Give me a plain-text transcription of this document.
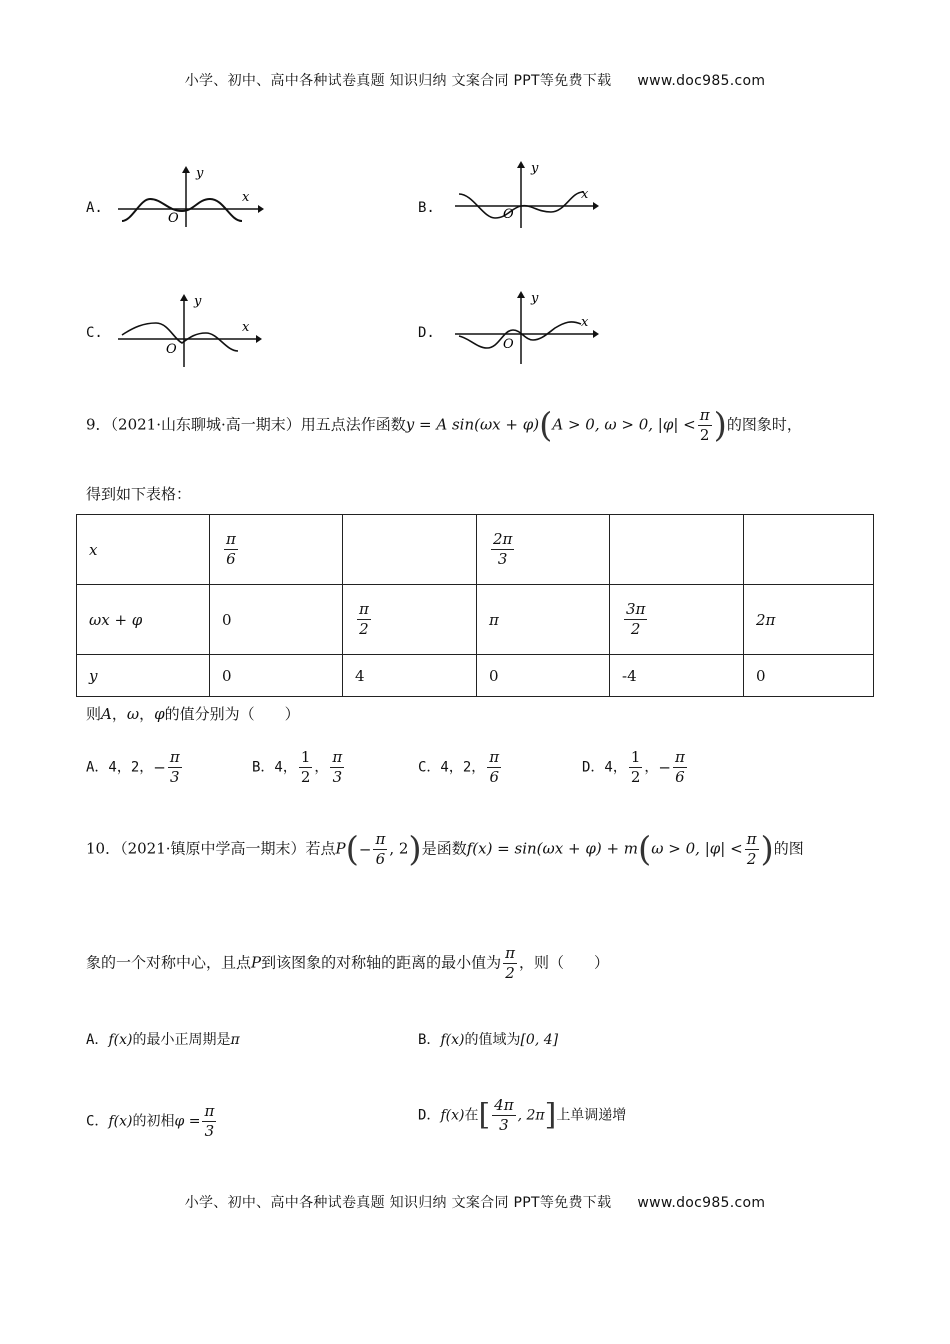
小学、初中、高中各种试卷真题 知识归纳 文案合同 PPT等免费下载 www.doc985.com
小学、初中、高中各种试卷真题 知识归纳 文案合同 PPT等免费下载 www.doc985.com
A.
y
x
O
B.
y
x
O
C.
y
x
O
D.
y
x
O
9．（2021·山东聊城·高一期末）用五点法作函数y = A sin(ωx + φ)(A > 0, ω > 0, $|\varphi| < \frac{\pi}{2}$ )的图象时，
得到如下表格：
x	$\frac{\pi}{6}$		$\frac{2\pi}{3}$

ωx + φ	0	$\frac{\pi}{2}$	π	$\frac{3\pi}{2}$	2π
y	0	4	0	-4	0
则A，ω，φ的值分别为（　　）
A．4，2，− $\frac{\pi}{3}$	B．4， $\frac{1}{2}$ ， $\frac{\pi}{3}$	C．4，2， $\frac{\pi}{6}$	D．4， $\frac{1}{2}$ ，− $\frac{\pi}{6}$
10．（2021·镇原中学高一期末）若点$P(- \frac{\pi}{6}$ , 2)是函数f(x) = sin(ωx + φ) + m(ω > 0, $|\varphi| < \frac{\pi}{2}$ )的图
象的一个对称中心，且点P到该图象的对称轴的距离的最小值为 $\frac{\pi}{2}$ ，则（　　）
A．f(x)的最小正周期是π	B．f(x)的值域为[0, 4]
C．f(x)的初相$\varphi = \frac{\pi}{3}$	D．f(x)在[ $\frac{4\pi}{3}$ , 2π]上单调递增
